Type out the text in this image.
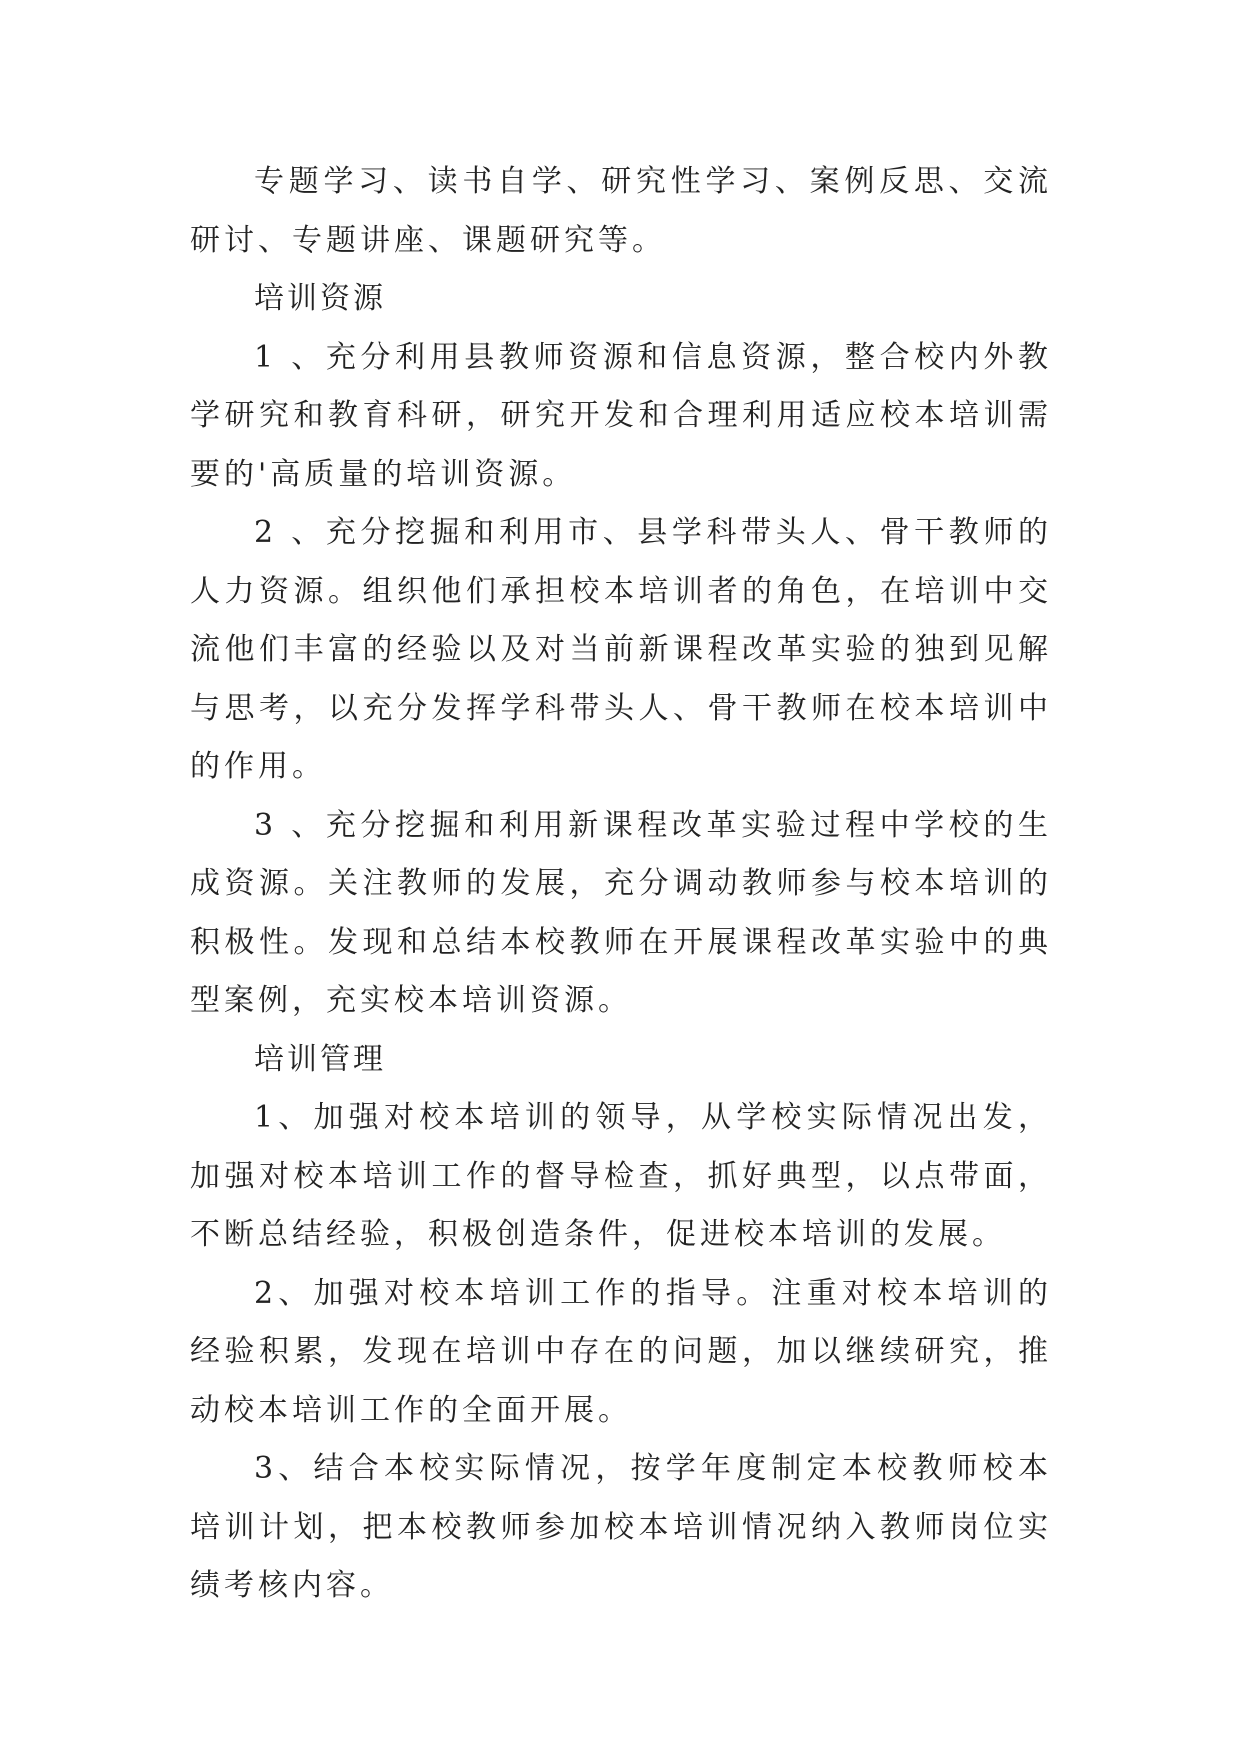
专题学习、读书自学、研究性学习、案例反思、交流研讨、专题讲座、课题研究等。

培训资源

1 、充分利用县教师资源和信息资源，整合校内外教学研究和教育科研，研究开发和合理利用适应校本培训需要的'高质量的培训资源。

2 、充分挖掘和利用市、县学科带头人、骨干教师的人力资源。组织他们承担校本培训者的角色，在培训中交流他们丰富的经验以及对当前新课程改革实验的独到见解与思考，以充分发挥学科带头人、骨干教师在校本培训中的作用。

3 、充分挖掘和利用新课程改革实验过程中学校的生成资源。关注教师的发展，充分调动教师参与校本培训的积极性。发现和总结本校教师在开展课程改革实验中的典型案例，充实校本培训资源。

培训管理

1、加强对校本培训的领导，从学校实际情况出发，加强对校本培训工作的督导检查，抓好典型，以点带面，不断总结经验，积极创造条件，促进校本培训的发展。

2、加强对校本培训工作的指导。注重对校本培训的经验积累，发现在培训中存在的问题，加以继续研究，推动校本培训工作的全面开展。

3、结合本校实际情况，按学年度制定本校教师校本培训计划，把本校教师参加校本培训情况纳入教师岗位实绩考核内容。
